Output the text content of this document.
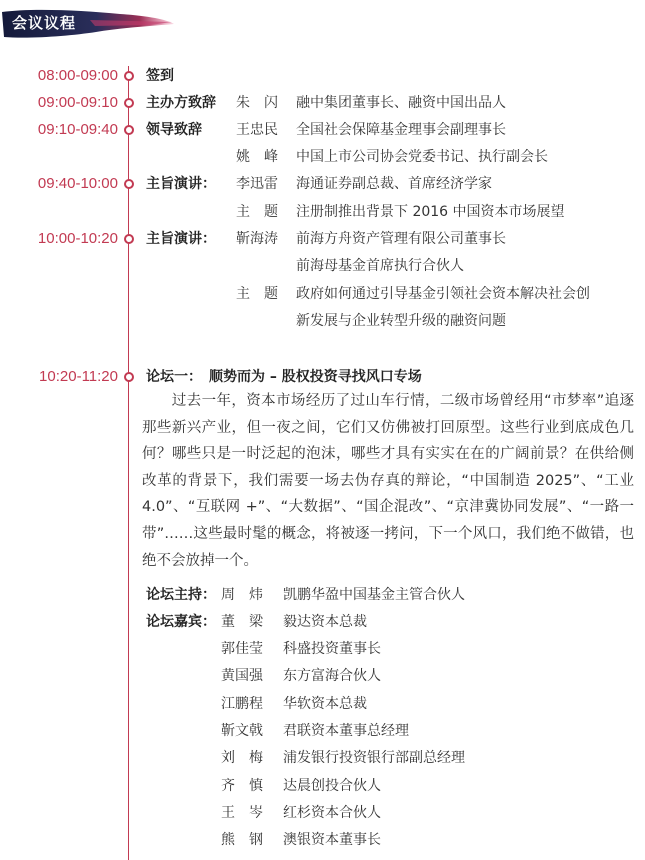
会议议程
08:00-09:00 签到
09:00-09:10 主办方致辞 朱　闪 融中集团董事长、融资中国出品人
09:10-09:40 领导致辞 王忠民 全国社会保障基金理事会副理事长
姚　峰 中国上市公司协会党委书记、执行副会长
09:40-10:00 主旨演讲： 李迅雷 海通证券副总裁、首席经济学家
主　题 注册制推出背景下 2016 中国资本市场展望
10:00-10:20 主旨演讲： 靳海涛 前海方舟资产管理有限公司董事长
前海母基金首席执行合伙人
主　题 政府如何通过引导基金引领社会资本解决社会创
新发展与企业转型升级的融资问题
10:20-11:20 论坛一：　顺势而为 – 股权投资寻找风口专场
　　过去一年，资本市场经历了过山车行情，二级市场曾经用“市梦率”追逐那些新兴产业，但一夜之间，它们又仿佛被打回原型。这些行业到底成色几何？哪些只是一时泛起的泡沫，哪些才具有实实在在的广阔前景？在供给侧改革的背景下，我们需要一场去伪存真的辩论，“中国制造 2025”、“工业 4.0”、“互联网 +”、“大数据”、“国企混改”、“京津冀协同发展”、“一路一带”……这些最时髦的概念，将被逐一拷问，下一个风口，我们绝不做错，也绝不会放掉一个。
论坛主持： 周　炜 凯鹏华盈中国基金主管合伙人
论坛嘉宾： 董　梁 毅达资本总裁
郭佳莹 科盛投资董事长
黄国强 东方富海合伙人
江鹏程 华软资本总裁
靳文戟 君联资本董事总经理
刘　梅 浦发银行投资银行部副总经理
齐　慎 达晨创投合伙人
王　岑 红杉资本合伙人
熊　钢 澳银资本董事长
